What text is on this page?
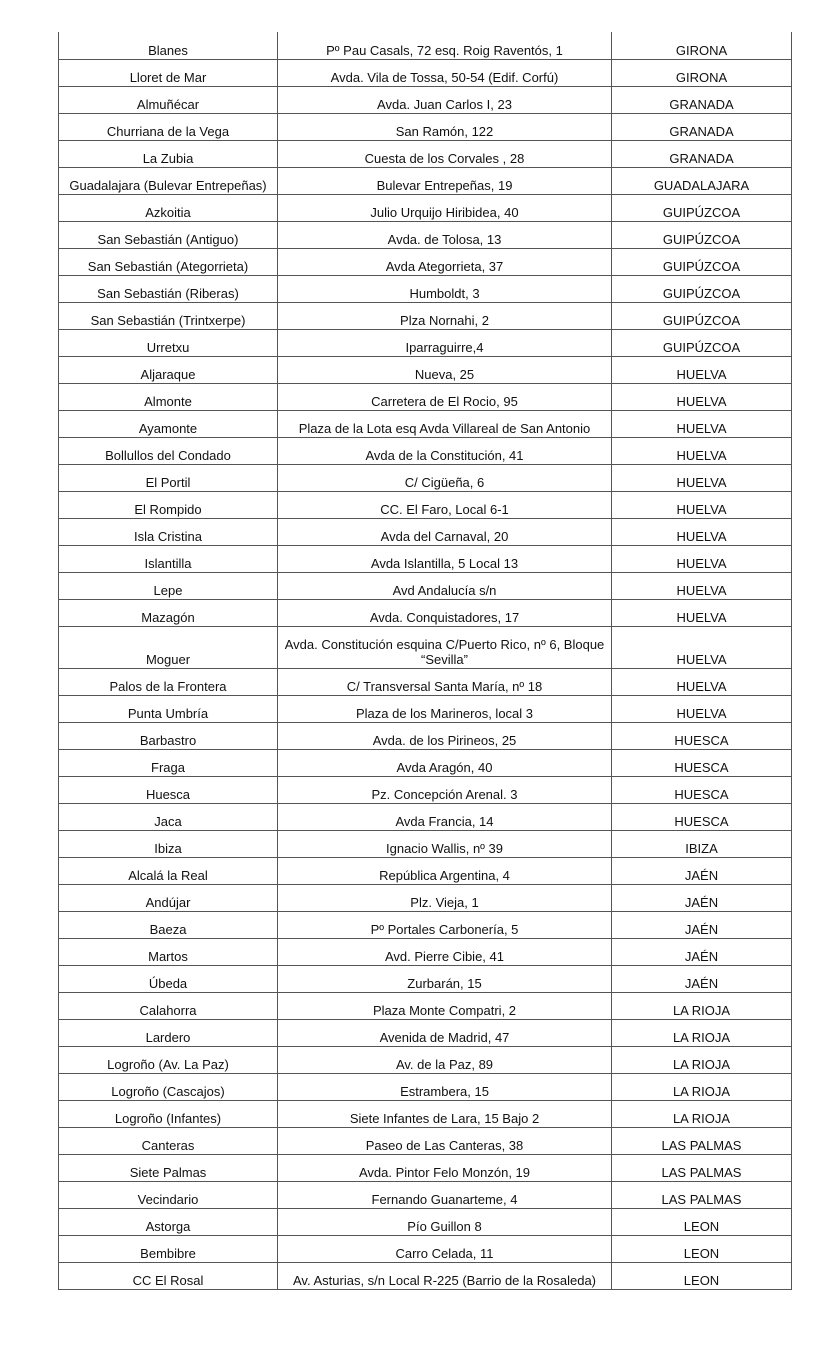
Blanes	Pº Pau Casals, 72 esq. Roig Raventós, 1	GIRONA
Lloret de Mar	Avda. Vila de Tossa, 50-54 (Edif. Corfú)	GIRONA
Almuñécar	Avda. Juan Carlos I, 23	GRANADA
Churriana de la Vega	San Ramón, 122	GRANADA
La Zubia	Cuesta de los Corvales , 28	GRANADA
Guadalajara (Bulevar Entrepeñas)	Bulevar Entrepeñas, 19	GUADALAJARA
Azkoitia	Julio Urquijo Hiribidea, 40	GUIPÚZCOA
San Sebastián (Antiguo)	Avda. de Tolosa, 13	GUIPÚZCOA
San Sebastián (Ategorrieta)	Avda Ategorrieta, 37	GUIPÚZCOA
San Sebastián (Riberas)	Humboldt, 3	GUIPÚZCOA
San Sebastián (Trintxerpe)	Plza Nornahi, 2	GUIPÚZCOA
Urretxu	Iparraguirre,4	GUIPÚZCOA
Aljaraque	Nueva, 25	HUELVA
Almonte	Carretera de El Rocio, 95	HUELVA
Ayamonte	Plaza de la Lota esq Avda Villareal de San Antonio	HUELVA
Bollullos del Condado	Avda de la Constitución, 41	HUELVA
El Portil	C/ Cigüeña, 6	HUELVA
El Rompido	CC. El Faro, Local 6-1	HUELVA
Isla Cristina	Avda del Carnaval, 20	HUELVA
Islantilla	Avda Islantilla, 5 Local 13	HUELVA
Lepe	Avd Andalucía s/n	HUELVA
Mazagón	Avda. Conquistadores, 17	HUELVA
Moguer	Avda. Constitución esquina C/Puerto Rico, nº 6, Bloque “Sevilla”	HUELVA
Palos de la Frontera	C/ Transversal Santa María, nº 18	HUELVA
Punta Umbría	Plaza de los Marineros, local 3	HUELVA
Barbastro	Avda. de los Pirineos, 25	HUESCA
Fraga	Avda Aragón, 40	HUESCA
Huesca	Pz. Concepción Arenal. 3	HUESCA
Jaca	Avda Francia, 14	HUESCA
Ibiza	Ignacio Wallis, nº 39	IBIZA
Alcalá la Real	República Argentina, 4	JAÉN
Andújar	Plz. Vieja, 1	JAÉN
Baeza	Pº Portales Carbonería, 5	JAÉN
Martos	Avd. Pierre Cibie, 41	JAÉN
Úbeda	Zurbarán, 15	JAÉN
Calahorra	Plaza Monte Compatri, 2	LA RIOJA
Lardero	Avenida de Madrid, 47	LA RIOJA
Logroño (Av. La Paz)	Av. de la Paz, 89	LA RIOJA
Logroño (Cascajos)	Estrambera, 15	LA RIOJA
Logroño (Infantes)	Siete Infantes de Lara, 15 Bajo 2	LA RIOJA
Canteras	Paseo de Las Canteras, 38	LAS PALMAS
Siete Palmas	Avda. Pintor Felo Monzón, 19	LAS PALMAS
Vecindario	Fernando Guanarteme, 4	LAS PALMAS
Astorga	Pío Guillon 8	LEON
Bembibre	Carro Celada, 11	LEON
CC El Rosal	Av. Asturias, s/n Local R-225 (Barrio de la Rosaleda)	LEON
